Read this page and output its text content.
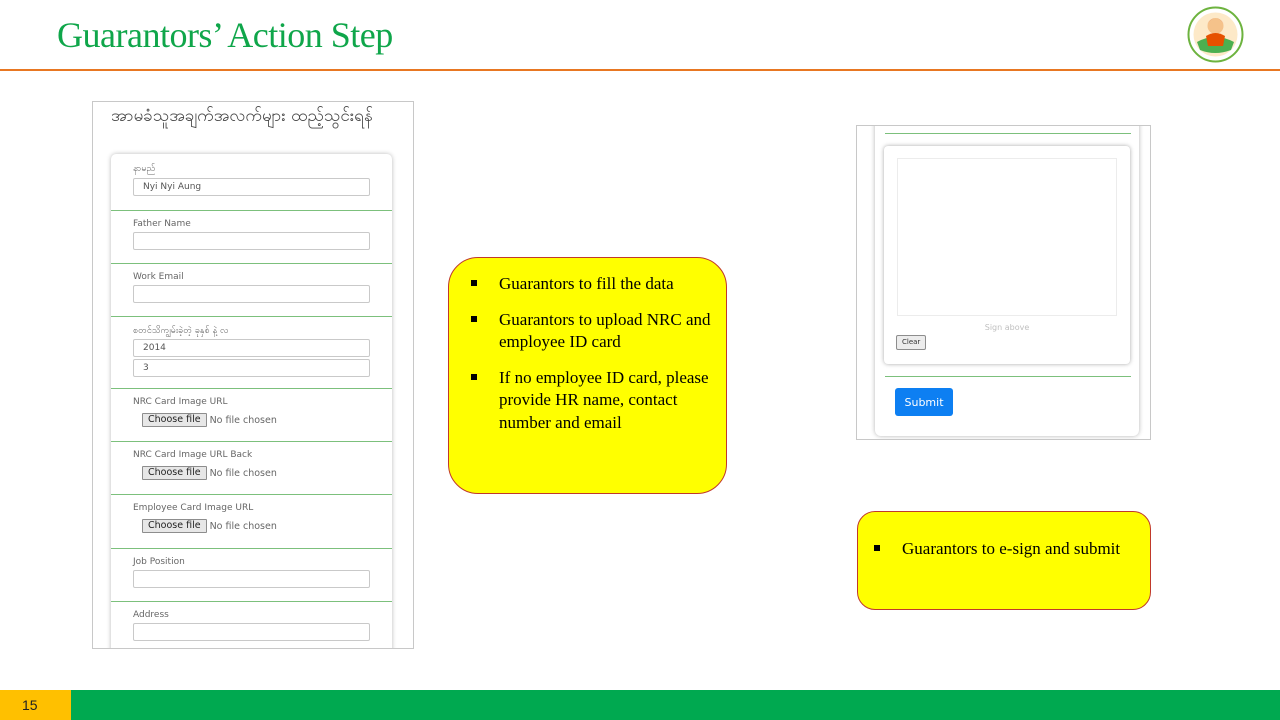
Guarantors’ Action Step
အာမခံသူအချက်အလက်များ ထည့်သွင်းရန်
နာမည်
Nyi Nyi Aung
Father Name
Work Email
စတင်သိကျွမ်းခဲ့တဲ့ ခုနှစ် နဲ့ လ
2014
3
NRC Card Image URL
Choose file No file chosen
NRC Card Image URL Back
Choose file No file chosen
Employee Card Image URL
Choose file No file chosen
Job Position
Address
Guarantors to fill the data
Guarantors to upload NRC and employee ID card
If no employee ID card, please provide HR name, contact number and email
Sign above
Clear
Submit
Guarantors to e-sign and submit
15
